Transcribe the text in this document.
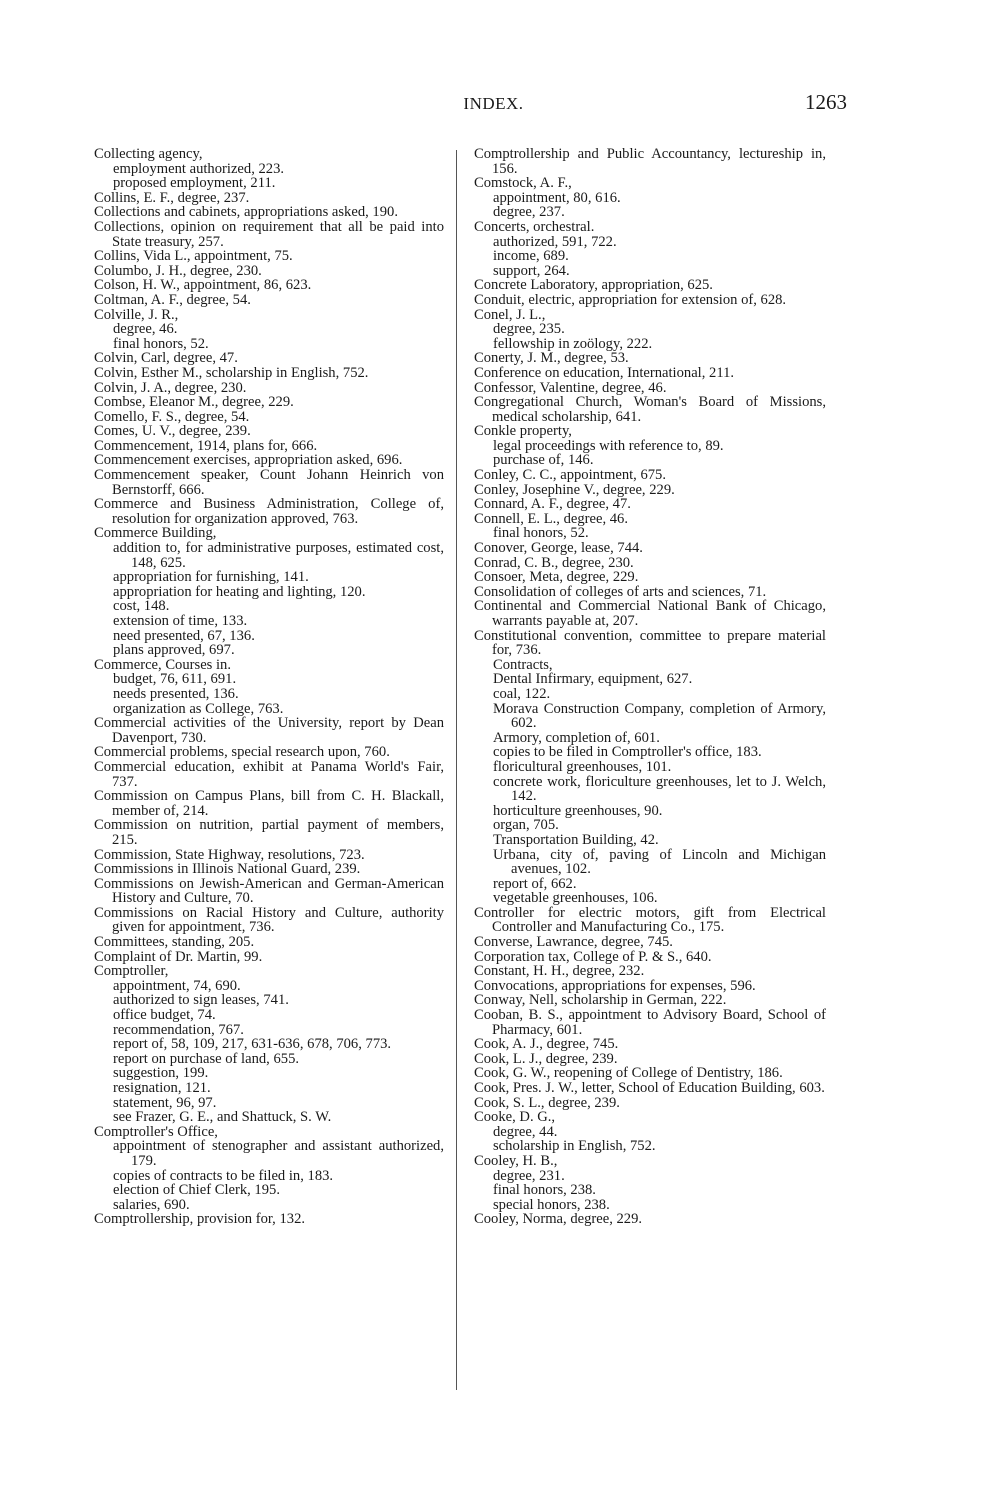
INDEX.	1263
Collecting agency,
employment authorized, 223.
proposed employment, 211.
Collins, E. F., degree, 237.
Collections and cabinets, appropriations asked, 190.
Collections, opinion on requirement that all be paid into State treasury, 257.
Collins, Vida L., appointment, 75.
Columbo, J. H., degree, 230.
Colson, H. W., appointment, 86, 623.
Coltman, A. F., degree, 54.
Colville, J. R.,
degree, 46.
final honors, 52.
Colvin, Carl, degree, 47.
Colvin, Esther M., scholarship in English, 752.
Colvin, J. A., degree, 230.
Combse, Eleanor M., degree, 229.
Comello, F. S., degree, 54.
Comes, U. V., degree, 239.
Commencement, 1914, plans for, 666.
Commencement exercises, appropriation asked, 696.
Commencement speaker, Count Johann Heinrich von Bernstorff, 666.
Commerce and Business Administration, College of, resolution for organization approved, 763.
Commerce Building,
addition to, for administrative purposes, estimated cost, 148, 625.
appropriation for furnishing, 141.
appropriation for heating and lighting, 120.
cost, 148.
extension of time, 133.
need presented, 67, 136.
plans approved, 697.
Commerce, Courses in.
budget, 76, 611, 691.
needs presented, 136.
organization as College, 763.
Commercial activities of the University, report by Dean Davenport, 730.
Commercial problems, special research upon, 760.
Commercial education, exhibit at Panama World's Fair, 737.
Commission on Campus Plans, bill from C. H. Blackall, member of, 214.
Commission on nutrition, partial payment of members, 215.
Commission, State Highway, resolutions, 723.
Commissions in Illinois National Guard, 239.
Commissions on Jewish-American and German-American History and Culture, 70.
Commissions on Racial History and Culture, authority given for appointment, 736.
Committees, standing, 205.
Complaint of Dr. Martin, 99.
Comptroller,
appointment, 74, 690.
authorized to sign leases, 741.
office budget, 74.
recommendation, 767.
report of, 58, 109, 217, 631-636, 678, 706, 773.
report on purchase of land, 655.
suggestion, 199.
resignation, 121.
statement, 96, 97.
see Frazer, G. E., and Shattuck, S. W.
Comptroller's Office,
appointment of stenographer and assistant authorized, 179.
copies of contracts to be filed in, 183.
election of Chief Clerk, 195.
salaries, 690.
Comptrollership, provision for, 132.
Comptrollership and Public Accountancy, lectureship in, 156.
Comstock, A. F.,
appointment, 80, 616.
degree, 237.
Concerts, orchestral.
authorized, 591, 722.
income, 689.
support, 264.
Concrete Laboratory, appropriation, 625.
Conduit, electric, appropriation for extension of, 628.
Conel, J. L.,
degree, 235.
fellowship in zoölogy, 222.
Conerty, J. M., degree, 53.
Conference on education, International, 211.
Confessor, Valentine, degree, 46.
Congregational Church, Woman's Board of Missions, medical scholarship, 641.
Conkle property,
legal proceedings with reference to, 89.
purchase of, 146.
Conley, C. C., appointment, 675.
Conley, Josephine V., degree, 229.
Connard, A. F., degree, 47.
Connell, E. L., degree, 46.
final honors, 52.
Conover, George, lease, 744.
Conrad, C. B., degree, 230.
Consoer, Meta, degree, 229.
Consolidation of colleges of arts and sciences, 71.
Continental and Commercial National Bank of Chicago, warrants payable at, 207.
Constitutional convention, committee to prepare material for, 736.
Contracts,
Dental Infirmary, equipment, 627.
coal, 122.
Morava Construction Company, completion of Armory, 602.
Armory, completion of, 601.
copies to be filed in Comptroller's office, 183.
floricultural greenhouses, 101.
concrete work, floriculture greenhouses, let to J. Welch, 142.
horticulture greenhouses, 90.
organ, 705.
Transportation Building, 42.
Urbana, city of, paving of Lincoln and Michigan avenues, 102.
report of, 662.
vegetable greenhouses, 106.
Controller for electric motors, gift from Electrical Controller and Manufacturing Co., 175.
Converse, Lawrance, degree, 745.
Corporation tax, College of P. & S., 640.
Constant, H. H., degree, 232.
Convocations, appropriations for expenses, 596.
Conway, Nell, scholarship in German, 222.
Cooban, B. S., appointment to Advisory Board, School of Pharmacy, 601.
Cook, A. J., degree, 745.
Cook, L. J., degree, 239.
Cook, G. W., reopening of College of Dentistry, 186.
Cook, Pres. J. W., letter, School of Education Building, 603.
Cook, S. L., degree, 239.
Cooke, D. G.,
degree, 44.
scholarship in English, 752.
Cooley, H. B.,
degree, 231.
final honors, 238.
special honors, 238.
Cooley, Norma, degree, 229.
